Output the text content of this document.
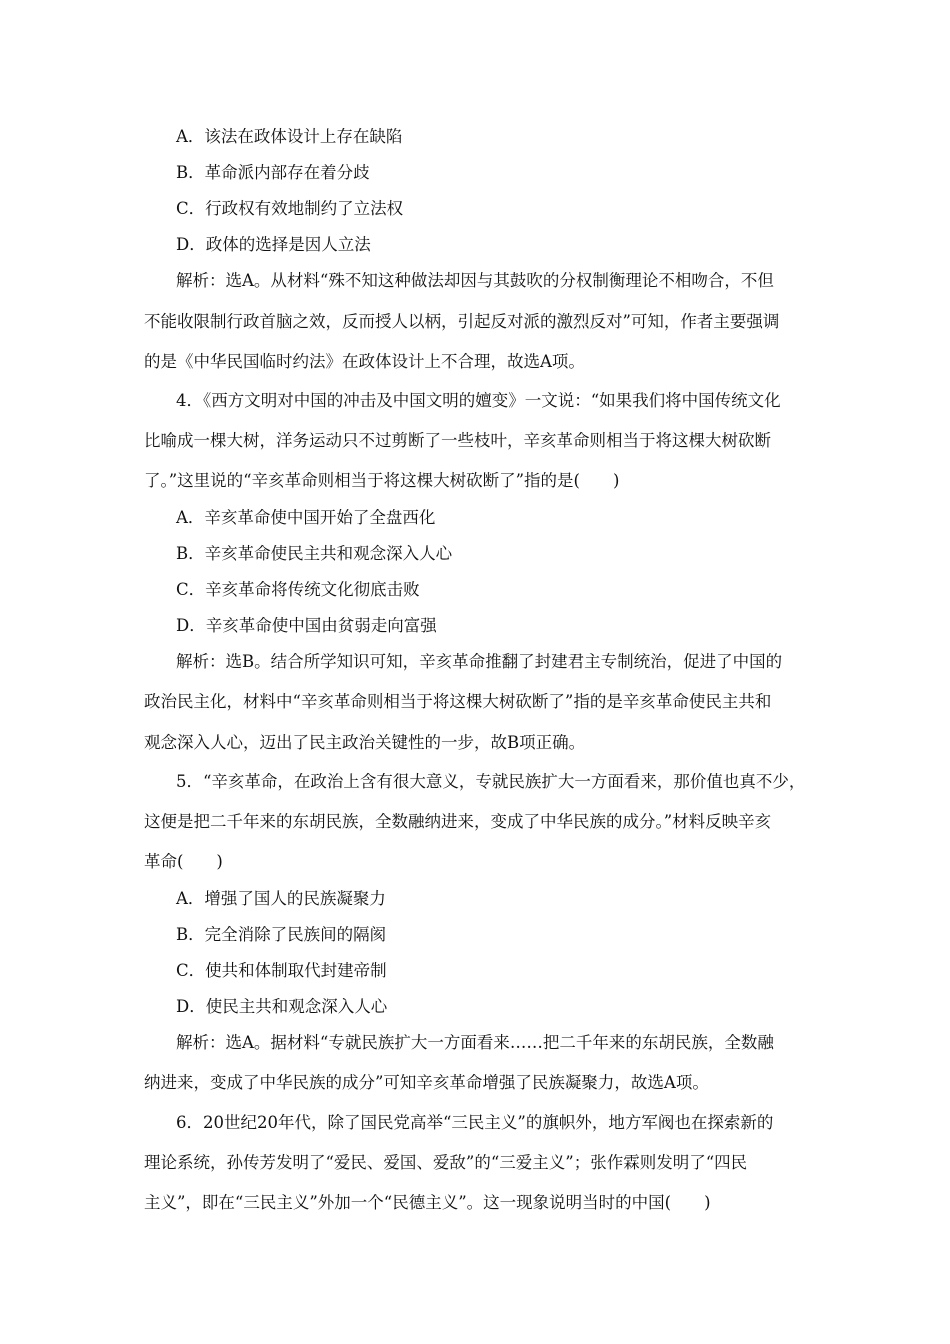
A．该法在政体设计上存在缺陷
B．革命派内部存在着分歧
C．行政权有效地制约了立法权
D．政体的选择是因人立法
解析：选A。从材料“殊不知这种做法却因与其鼓吹的分权制衡理论不相吻合，不但
不能收限制行政首脑之效，反而授人以柄，引起反对派的激烈反对”可知，作者主要强调
的是《中华民国临时约法》在政体设计上不合理，故选A项。
4．《西方文明对中国的冲击及中国文明的嬗变》一文说：“如果我们将中国传统文化
比喻成一棵大树，洋务运动只不过剪断了一些枝叶，辛亥革命则相当于将这棵大树砍断
了。”这里说的“辛亥革命则相当于将这棵大树砍断了”指的是(　　)
A．辛亥革命使中国开始了全盘西化
B．辛亥革命使民主共和观念深入人心
C．辛亥革命将传统文化彻底击败
D．辛亥革命使中国由贫弱走向富强
解析：选B。结合所学知识可知，辛亥革命推翻了封建君主专制统治，促进了中国的
政治民主化，材料中“辛亥革命则相当于将这棵大树砍断了”指的是辛亥革命使民主共和
观念深入人心，迈出了民主政治关键性的一步，故B项正确。
5．“辛亥革命，在政治上含有很大意义，专就民族扩大一方面看来，那价值也真不少，
这便是把二千年来的东胡民族，全数融纳进来，变成了中华民族的成分。”材料反映辛亥
革命(　　)
A．增强了国人的民族凝聚力
B．完全消除了民族间的隔阂
C．使共和体制取代封建帝制
D．使民主共和观念深入人心
解析：选A。据材料“专就民族扩大一方面看来……把二千年来的东胡民族，全数融
纳进来，变成了中华民族的成分”可知辛亥革命增强了民族凝聚力，故选A项。
6．20世纪20年代，除了国民党高举“三民主义”的旗帜外，地方军阀也在探索新的
理论系统，孙传芳发明了“爱民、爱国、爱敌”的“三爱主义”；张作霖则发明了“四民
主义”，即在“三民主义”外加一个“民德主义”。这一现象说明当时的中国(　　)
